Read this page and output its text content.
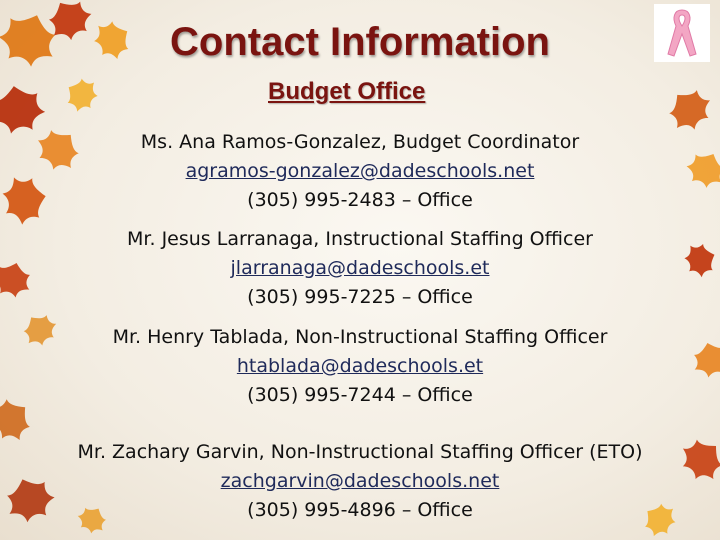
Contact Information
Budget Office
Ms. Ana Ramos-Gonzalez, Budget Coordinator
agramos-gonzalez@dadeschools.net
(305) 995-2483 – Office
Mr. Jesus Larranaga, Instructional Staffing Officer
jlarranaga@dadeschools.et
(305) 995-7225 – Office
Mr. Henry Tablada, Non-Instructional Staffing Officer
htablada@dadeschools.et
(305) 995-7244 – Office
Mr. Zachary Garvin, Non-Instructional Staffing Officer (ETO)
zachgarvin@dadeschools.net
(305) 995-4896 – Office
